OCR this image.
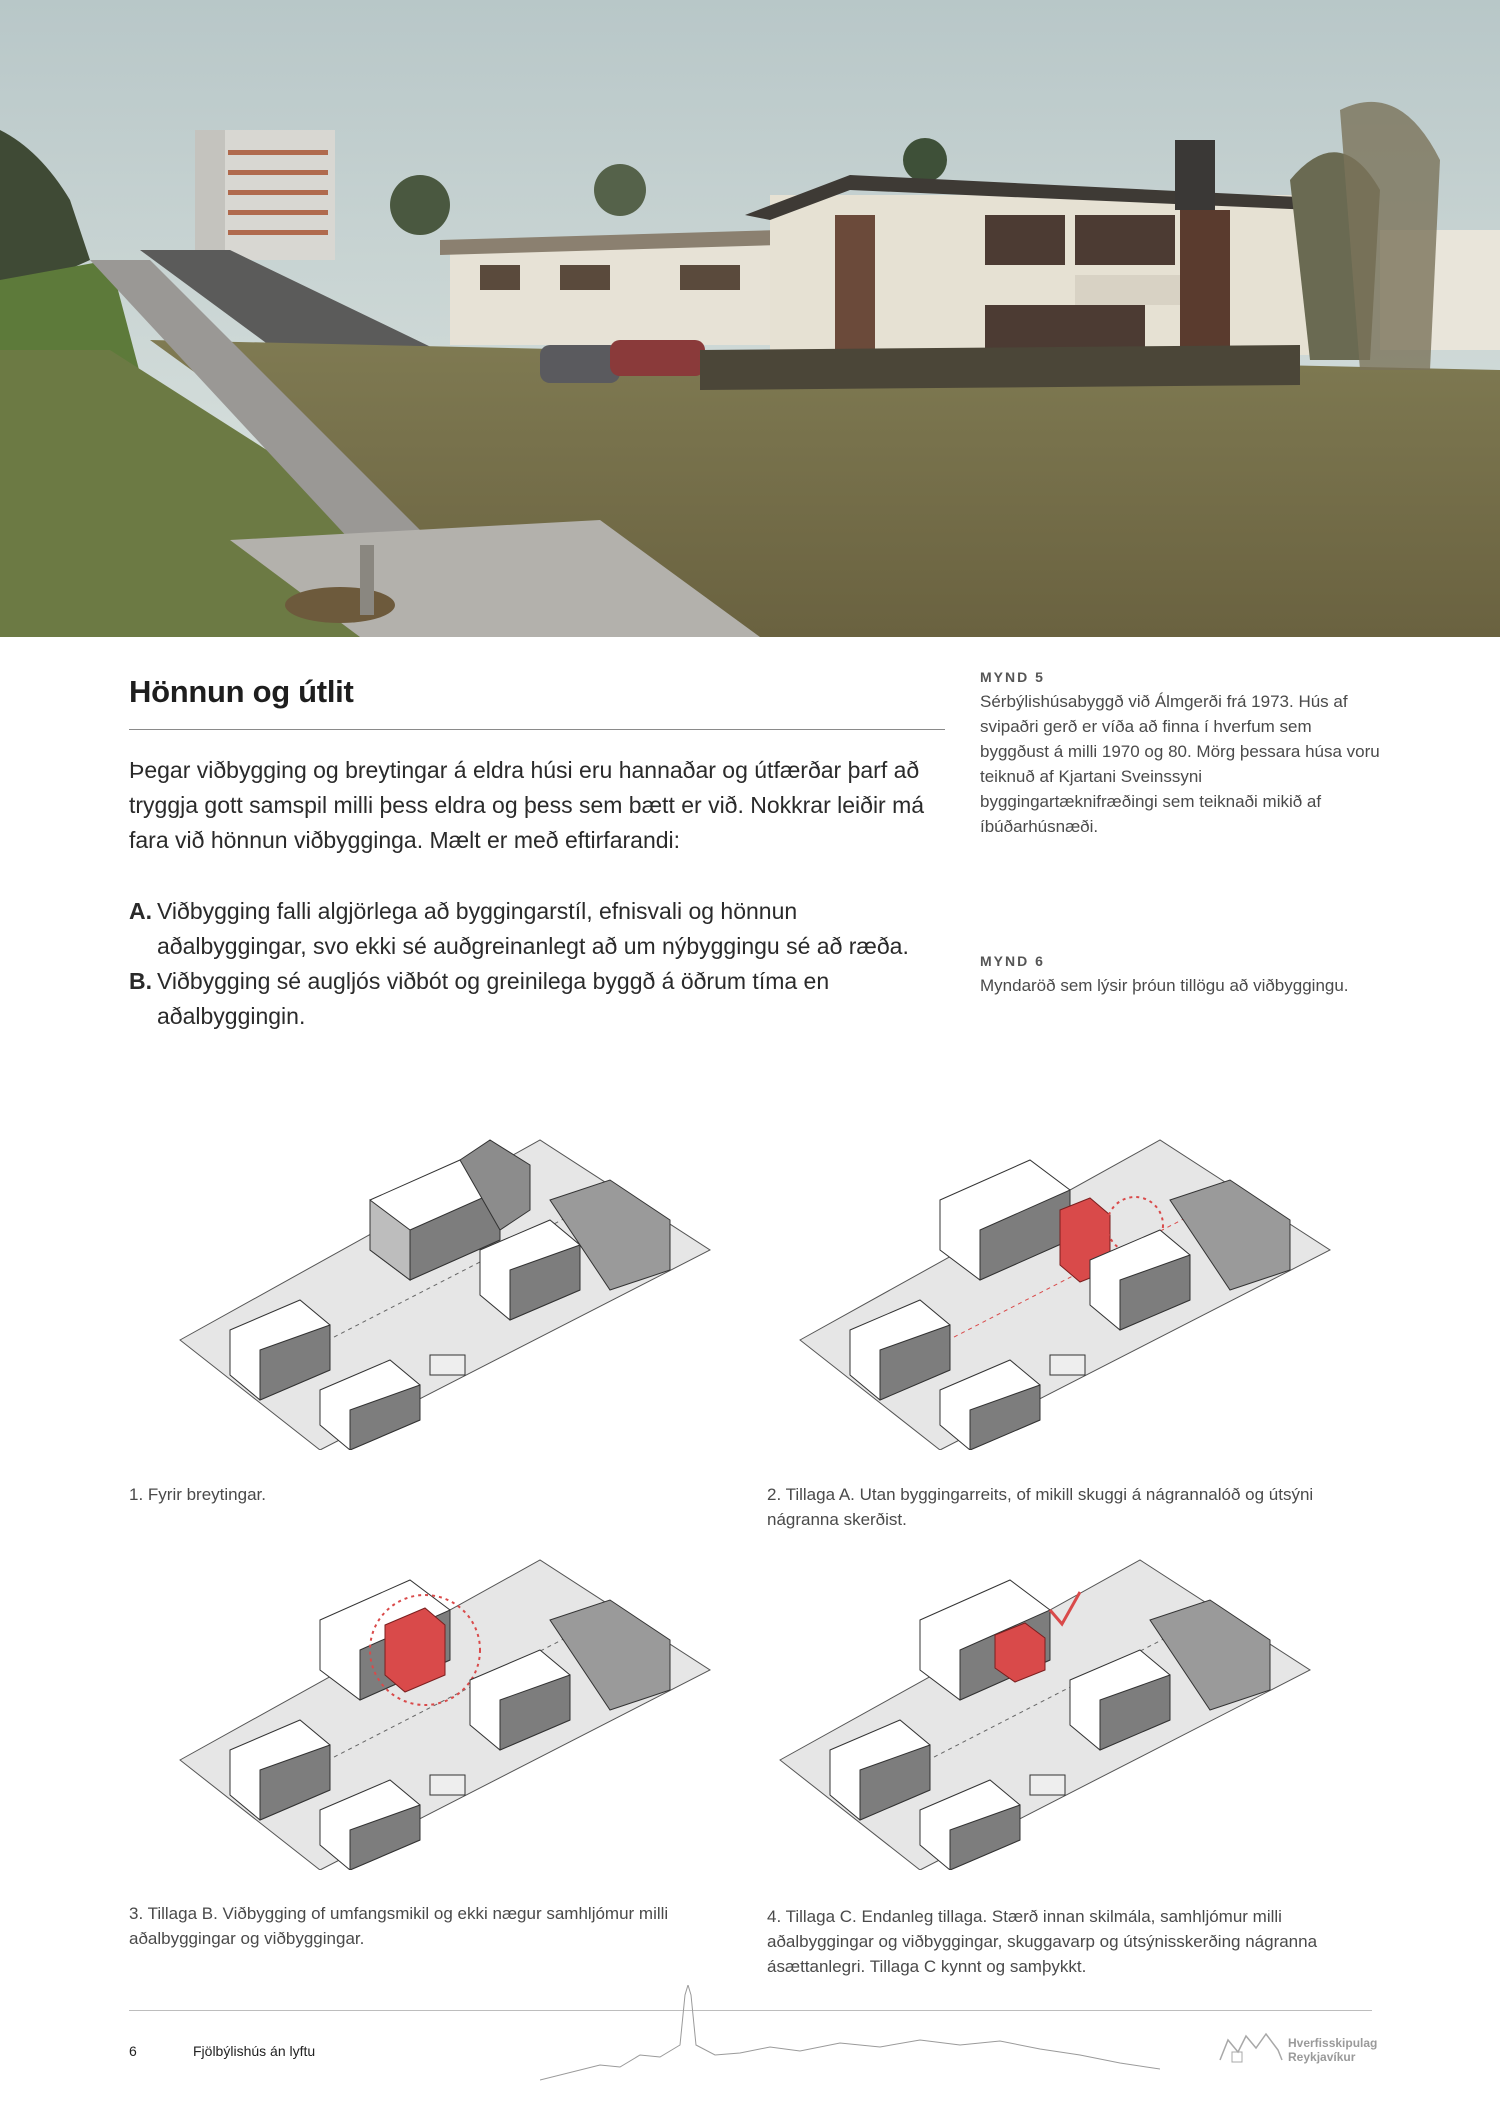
Hönnun og útlit
Þegar viðbygging og breytingar á eldra húsi eru hannaðar og útfærðar þarf að tryggja gott samspil milli þess eldra og þess sem bætt er við. Nokkrar leiðir má fara við hönnun viðbygginga. Mælt er með eftirfarandi:
A. Viðbygging falli algjörlega að byggingarstíl, efnisvali og hönnun aðalbyggingar, svo ekki sé auðgreinanlegt að um nýbyggingu sé að ræða.
B. Viðbygging sé augljós viðbót og greinilega byggð á öðrum tíma en aðalbyggingin.
MYND 5
Sérbýlishúsabyggð við Álmgerði frá 1973. Hús af svipaðri gerð er víða að finna í hverfum sem byggðust á milli 1970 og 80. Mörg þessara húsa voru teiknuð af Kjartani Sveinssyni byggingartæknifræðingi sem teiknaði mikið af íbúðarhúsnæði.
MYND 6
Myndaröð sem lýsir þróun tillögu að viðbyggingu.
1. Fyrir breytingar.	2. Tillaga A. Utan byggingarreits, of mikill skuggi á nágrannalóð og útsýni nágranna skerðist.
3. Tillaga B. Viðbygging of umfangsmikil og ekki nægur samhljómur milli aðalbyggingar og viðbyggingar.
4. Tillaga C. Endanleg tillaga. Stærð innan skilmála, samhljómur milli aðalbyggingar og viðbyggingar, skuggavarp og útsýnisskerðing nágranna ásættanlegri. Tillaga C kynnt og samþykkt.
6	Fjölbýlishús án lyftu	Hverfisskipulag
Reykjavíkur
